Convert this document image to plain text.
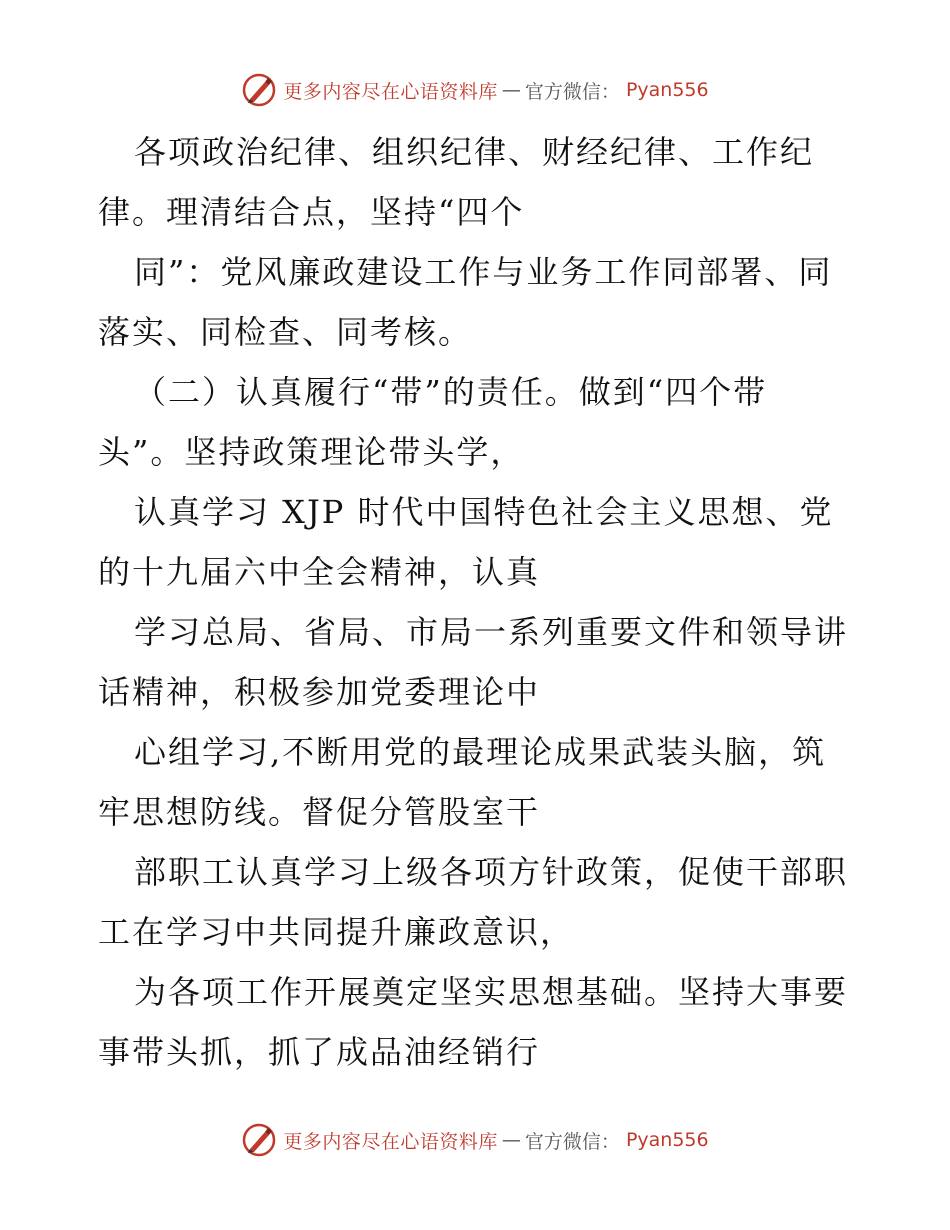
更多内容尽在心语资料库 — 官方微信： Pyan556
各项政治纪律、组织纪律、财经纪律、工作纪
律。理清结合点，坚持“四个
同”：党风廉政建设工作与业务工作同部署、同
落实、同检查、同考核。
（二）认真履行“带”的责任。做到“四个带
头”。坚持政策理论带头学，
认真学习 XJP 时代中国特色社会主义思想、党
的十九届六中全会精神，认真
学习总局、省局、市局一系列重要文件和领导讲
话精神，积极参加党委理论中
心组学习,不断用党的最理论成果武装头脑，筑
牢思想防线。督促分管股室干
部职工认真学习上级各项方针政策，促使干部职
工在学习中共同提升廉政意识，
为各项工作开展奠定坚实思想基础。坚持大事要
事带头抓，抓了成品油经销行
更多内容尽在心语资料库 — 官方微信： Pyan556
